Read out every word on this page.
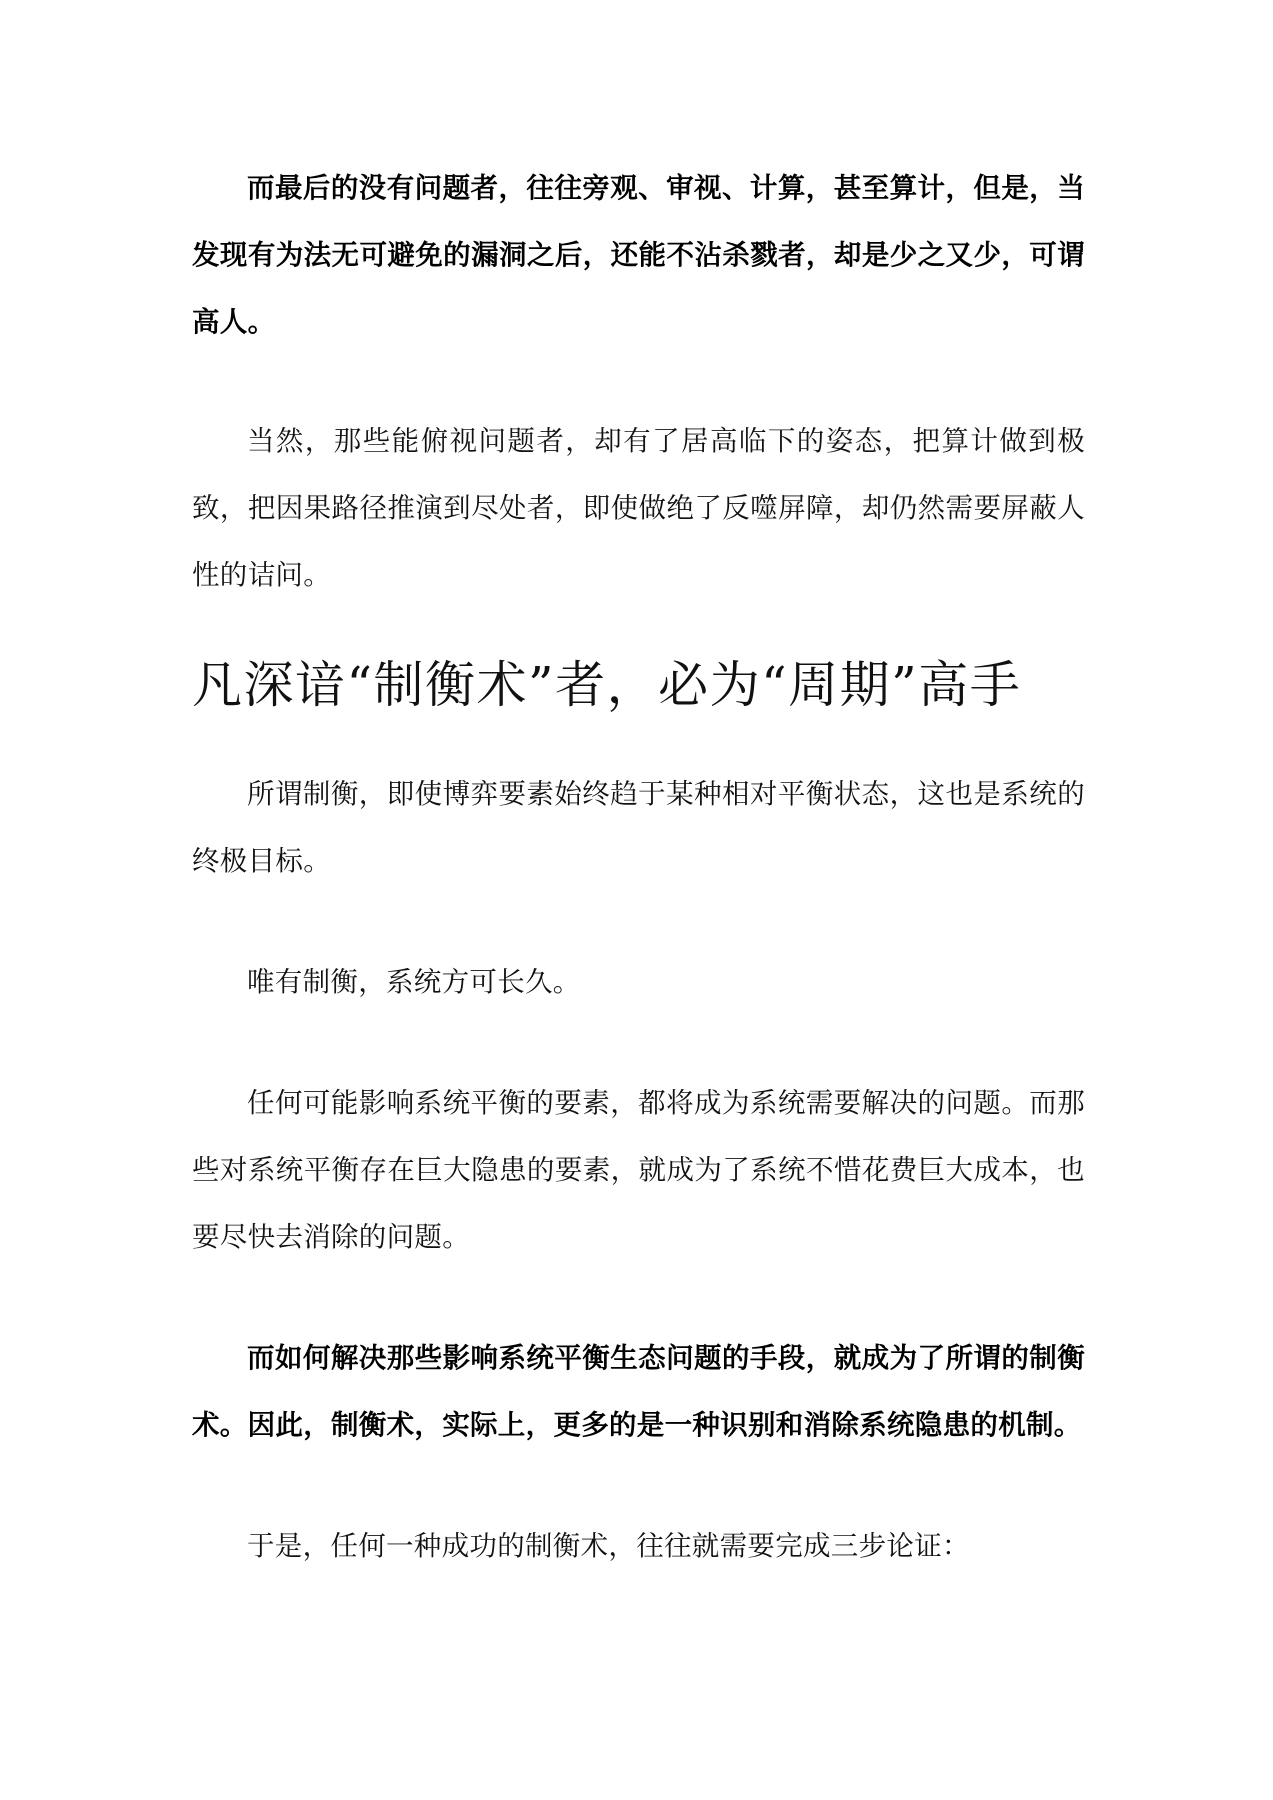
而最后的没有问题者，往往旁观、审视、计算，甚至算计，但是，当发现有为法无可避免的漏洞之后，还能不沾杀戮者，却是少之又少，可谓高人。

当然，那些能俯视问题者，却有了居高临下的姿态，把算计做到极致，把因果路径推演到尽处者，即使做绝了反噬屏障，却仍然需要屏蔽人性的诘问。

凡深谙“制衡术”者，必为“周期”高手

所谓制衡，即使博弈要素始终趋于某种相对平衡状态，这也是系统的终极目标。

唯有制衡，系统方可长久。

任何可能影响系统平衡的要素，都将成为系统需要解决的问题。而那些对系统平衡存在巨大隐患的要素，就成为了系统不惜花费巨大成本，也要尽快去消除的问题。

而如何解决那些影响系统平衡生态问题的手段，就成为了所谓的制衡术。因此，制衡术，实际上，更多的是一种识别和消除系统隐患的机制。

于是，任何一种成功的制衡术，往往就需要完成三步论证：
